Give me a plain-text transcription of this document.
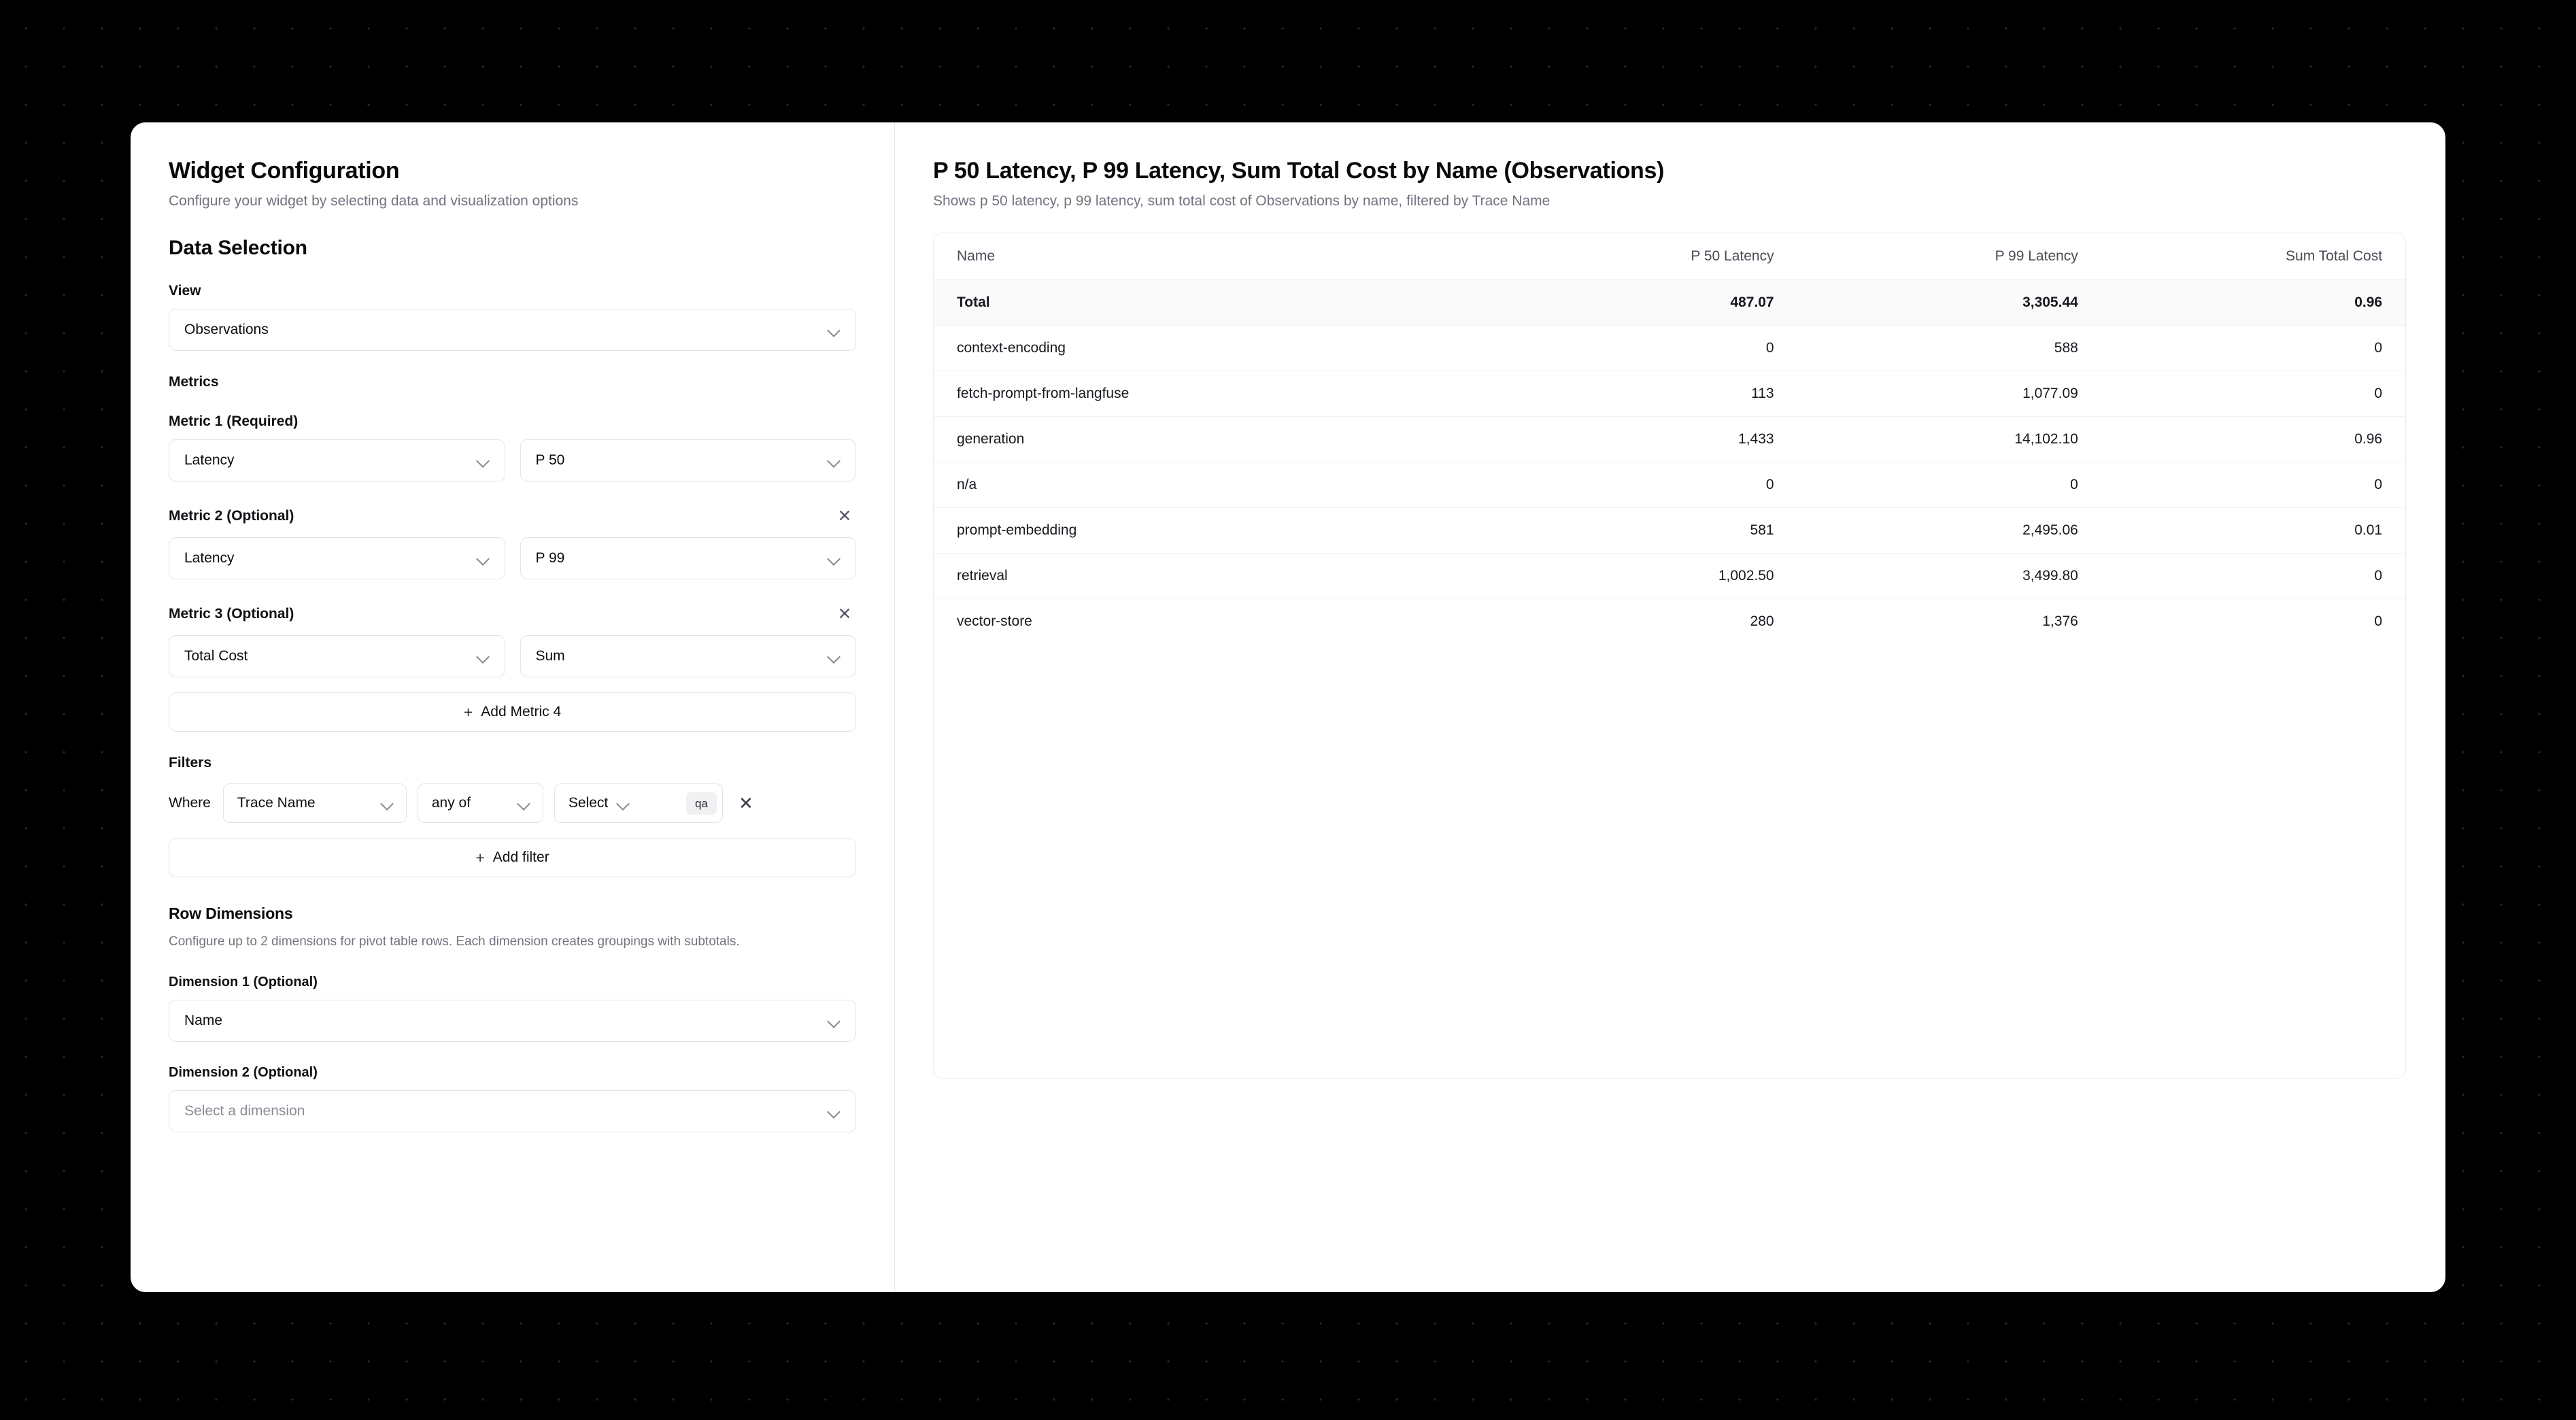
Widget Configuration
Configure your widget by selecting data and visualization options
Data Selection
View
Observations
Metrics
Metric 1 (Required)
Latency	P 50
Metric 2 (Optional)	✕
Latency	P 99
Metric 3 (Optional)	✕
Total Cost	Sum
+ Add Metric 4
Filters
Where Trace Name	any of	Select	qa	✕
+ Add filter
Row Dimensions
Configure up to 2 dimensions for pivot table rows. Each dimension creates groupings with subtotals.
Dimension 1 (Optional)
Name
Dimension 2 (Optional)
Select a dimension
P 50 Latency, P 99 Latency, Sum Total Cost by Name (Observations)
Shows p 50 latency, p 99 latency, sum total cost of Observations by name, filtered by Trace Name
Name	P 50 Latency	P 99 Latency	Sum Total Cost
Total	487.07	3,305.44	0.96
context-encoding	0	588	0
fetch-prompt-from-langfuse	113	1,077.09	0
generation	1,433	14,102.10	0.96
n/a	0	0	0
prompt-embedding	581	2,495.06	0.01
retrieval	1,002.50	3,499.80	0
vector-store	280	1,376	0
